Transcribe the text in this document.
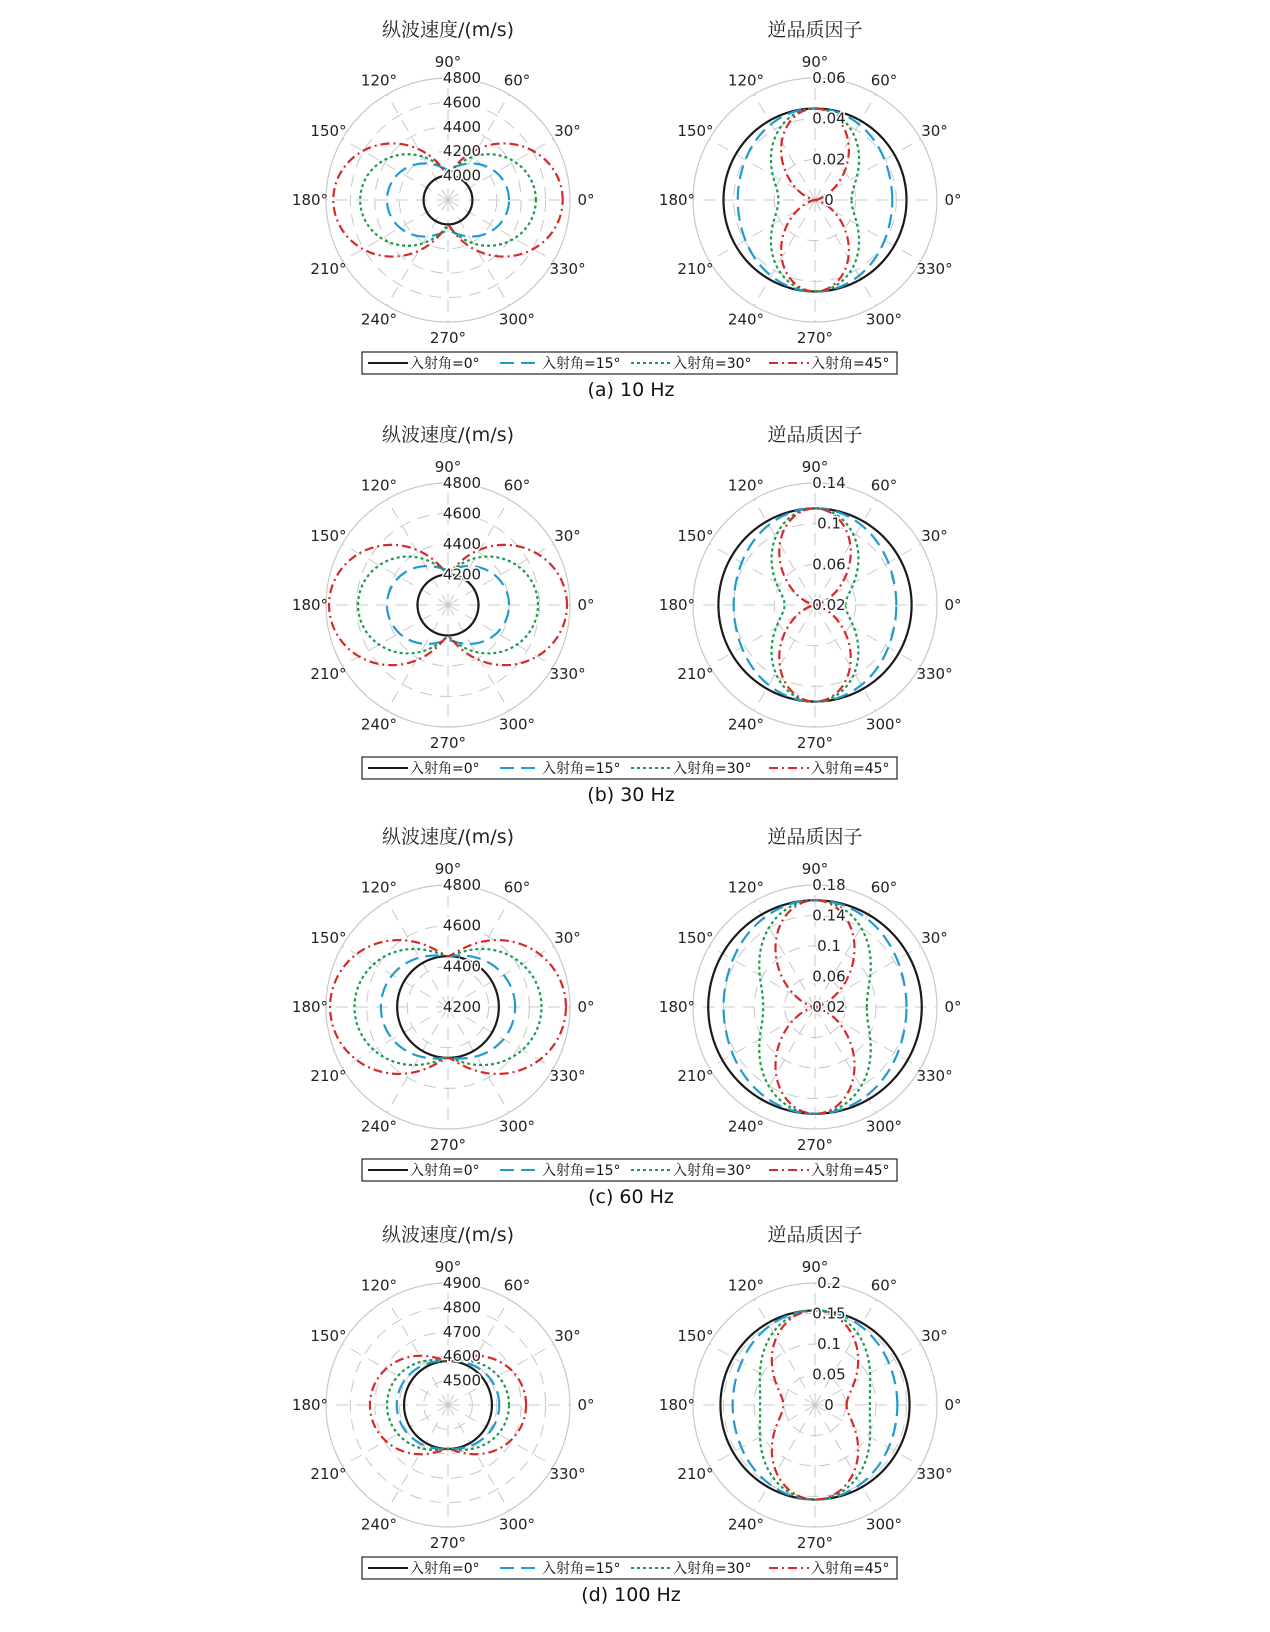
4000
4200
4400
4600
4800
0°
30°
60°
90°
120°
150°
180°
210°
240°
270°
300°
330°
纵波速度/(m/s)
0
0.02
0.04
0.06
0°
30°
60°
90°
120°
150°
180°
210°
240°
270°
300°
330°
逆品质因子
入射角=0°	入射角=15°	入射角=30°	入射角=45°
(a) 10 Hz
4200
4400
4600
4800
0°
30°
60°
90°
120°
150°
180°
210°
240°
270°
300°
330°
纵波速度/(m/s)
0.02
0.06
0.1
0.14
0°
30°
60°
90°
120°
150°
180°
210°
240°
270°
300°
330°
逆品质因子
入射角=0°	入射角=15°	入射角=30°	入射角=45°
(b) 30 Hz
4200
4400
4600
4800
0°
30°
60°
90°
120°
150°
180°
210°
240°
270°
300°
330°
纵波速度/(m/s)
0.02
0.06
0.1
0.14
0.18
0°
30°
60°
90°
120°
150°
180°
210°
240°
270°
300°
330°
逆品质因子
入射角=0°	入射角=15°	入射角=30°	入射角=45°
(c) 60 Hz
4500
4600
4700
4800
4900
0°
30°
60°
90°
120°
150°
180°
210°
240°
270°
300°
330°
纵波速度/(m/s)
0
0.05
0.1
0.15
0.2
0°
30°
60°
90°
120°
150°
180°
210°
240°
270°
300°
330°
逆品质因子
入射角=0°	入射角=15°	入射角=30°	入射角=45°
(d) 100 Hz
